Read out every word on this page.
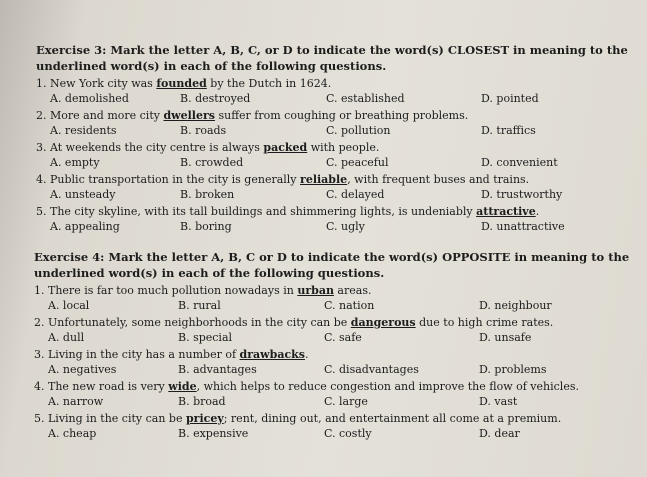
Exercise 3: Mark the letter A, B, C, or D to indicate the word(s) CLOSEST in meaning to the underlined word(s) in each of the following questions.

1. New York city was founded by the Dutch in 1624.
A. demolished	B. destroyed	C. established	D. pointed
2. More and more city dwellers suffer from coughing or breathing problems.
A. residents	B. roads	C. pollution	D. traffics
3. At weekends the city centre is always packed with people.
A. empty	B. crowded	C. peaceful	D. convenient
4. Public transportation in the city is generally reliable, with frequent buses and trains.
A. unsteady	B. broken	C. delayed	D. trustworthy
5. The city skyline, with its tall buildings and shimmering lights, is undeniably attractive.
A. appealing	B. boring	C. ugly	D. unattractive

Exercise 4: Mark the letter A, B, C or D to indicate the word(s) OPPOSITE in meaning to the underlined word(s) in each of the following questions.

1. There is far too much pollution nowadays in urban areas.
A. local	B. rural	C. nation	D. neighbour
2. Unfortunately, some neighborhoods in the city can be dangerous due to high crime rates.
A. dull	B. special	C. safe	D. unsafe
3. Living in the city has a number of drawbacks.
A. negatives	B. advantages	C. disadvantages	D. problems
4. The new road is very wide, which helps to reduce congestion and improve the flow of vehicles.
A. narrow	B. broad	C. large	D. vast
5. Living in the city can be pricey; rent, dining out, and entertainment all come at a premium.
A. cheap	B. expensive	C. costly	D. dear
